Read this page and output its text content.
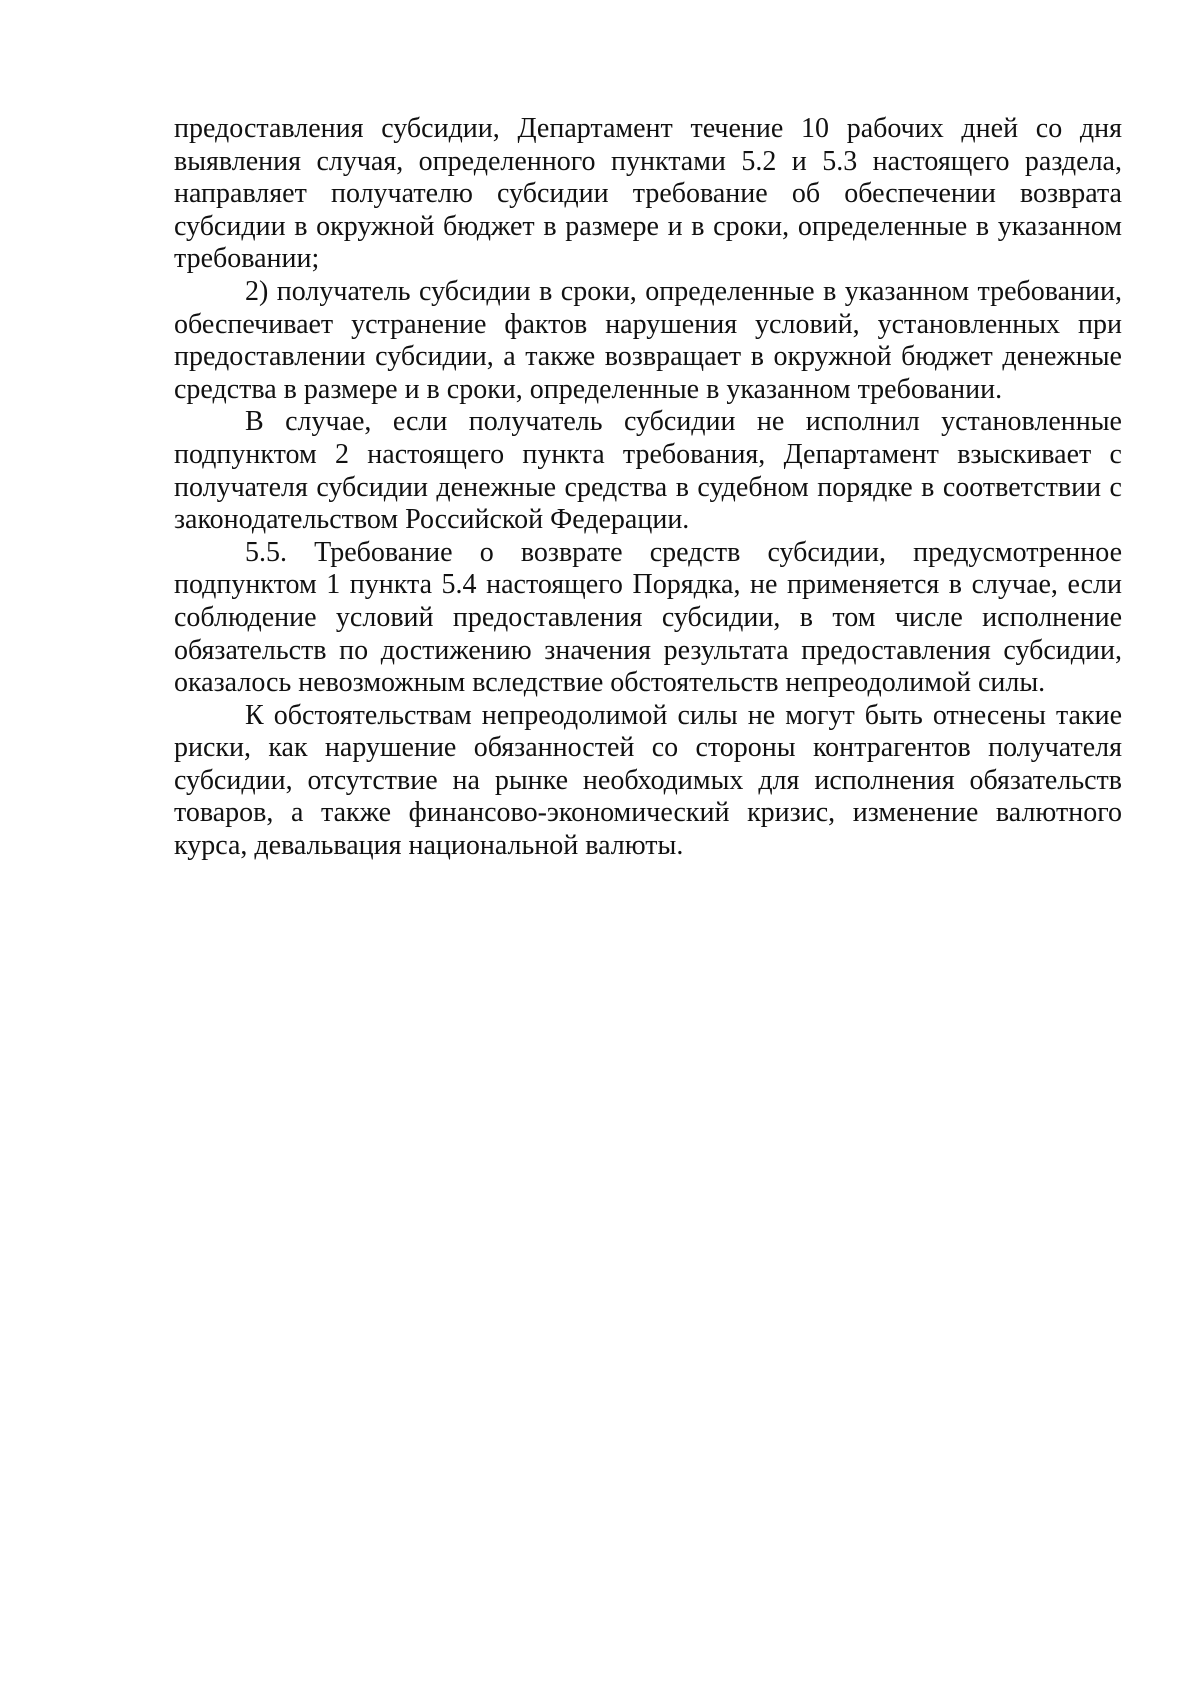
предоставления субсидии, Департамент течение 10 рабочих дней со дня выявления случая, определенного пунктами 5.2 и 5.3 настоящего раздела, направляет получателю субсидии требование об обеспечении возврата субсидии в окружной бюджет в размере и в сроки, определенные в указанном требовании;

2) получатель субсидии в сроки, определенные в указанном требовании, обеспечивает устранение фактов нарушения условий, установленных при предоставлении субсидии, а также возвращает в окружной бюджет денежные средства в размере и в сроки, определенные в указанном требовании.

В случае, если получатель субсидии не исполнил установленные подпунктом 2 настоящего пункта требования, Департамент взыскивает с получателя субсидии денежные средства в судебном порядке в соответствии с законодательством Российской Федерации.

5.5. Требование о возврате средств субсидии, предусмотренное подпунктом 1 пункта 5.4 настоящего Порядка, не применяется в случае, если соблюдение условий предоставления субсидии, в том числе исполнение обязательств по достижению значения результата предоставления субсидии, оказалось невозможным вследствие обстоятельств непреодолимой силы.

К обстоятельствам непреодолимой силы не могут быть отнесены такие риски, как нарушение обязанностей со стороны контрагентов получателя субсидии, отсутствие на рынке необходимых для исполнения обязательств товаров, а также финансово-экономический кризис, изменение валютного курса, девальвация национальной валюты.
